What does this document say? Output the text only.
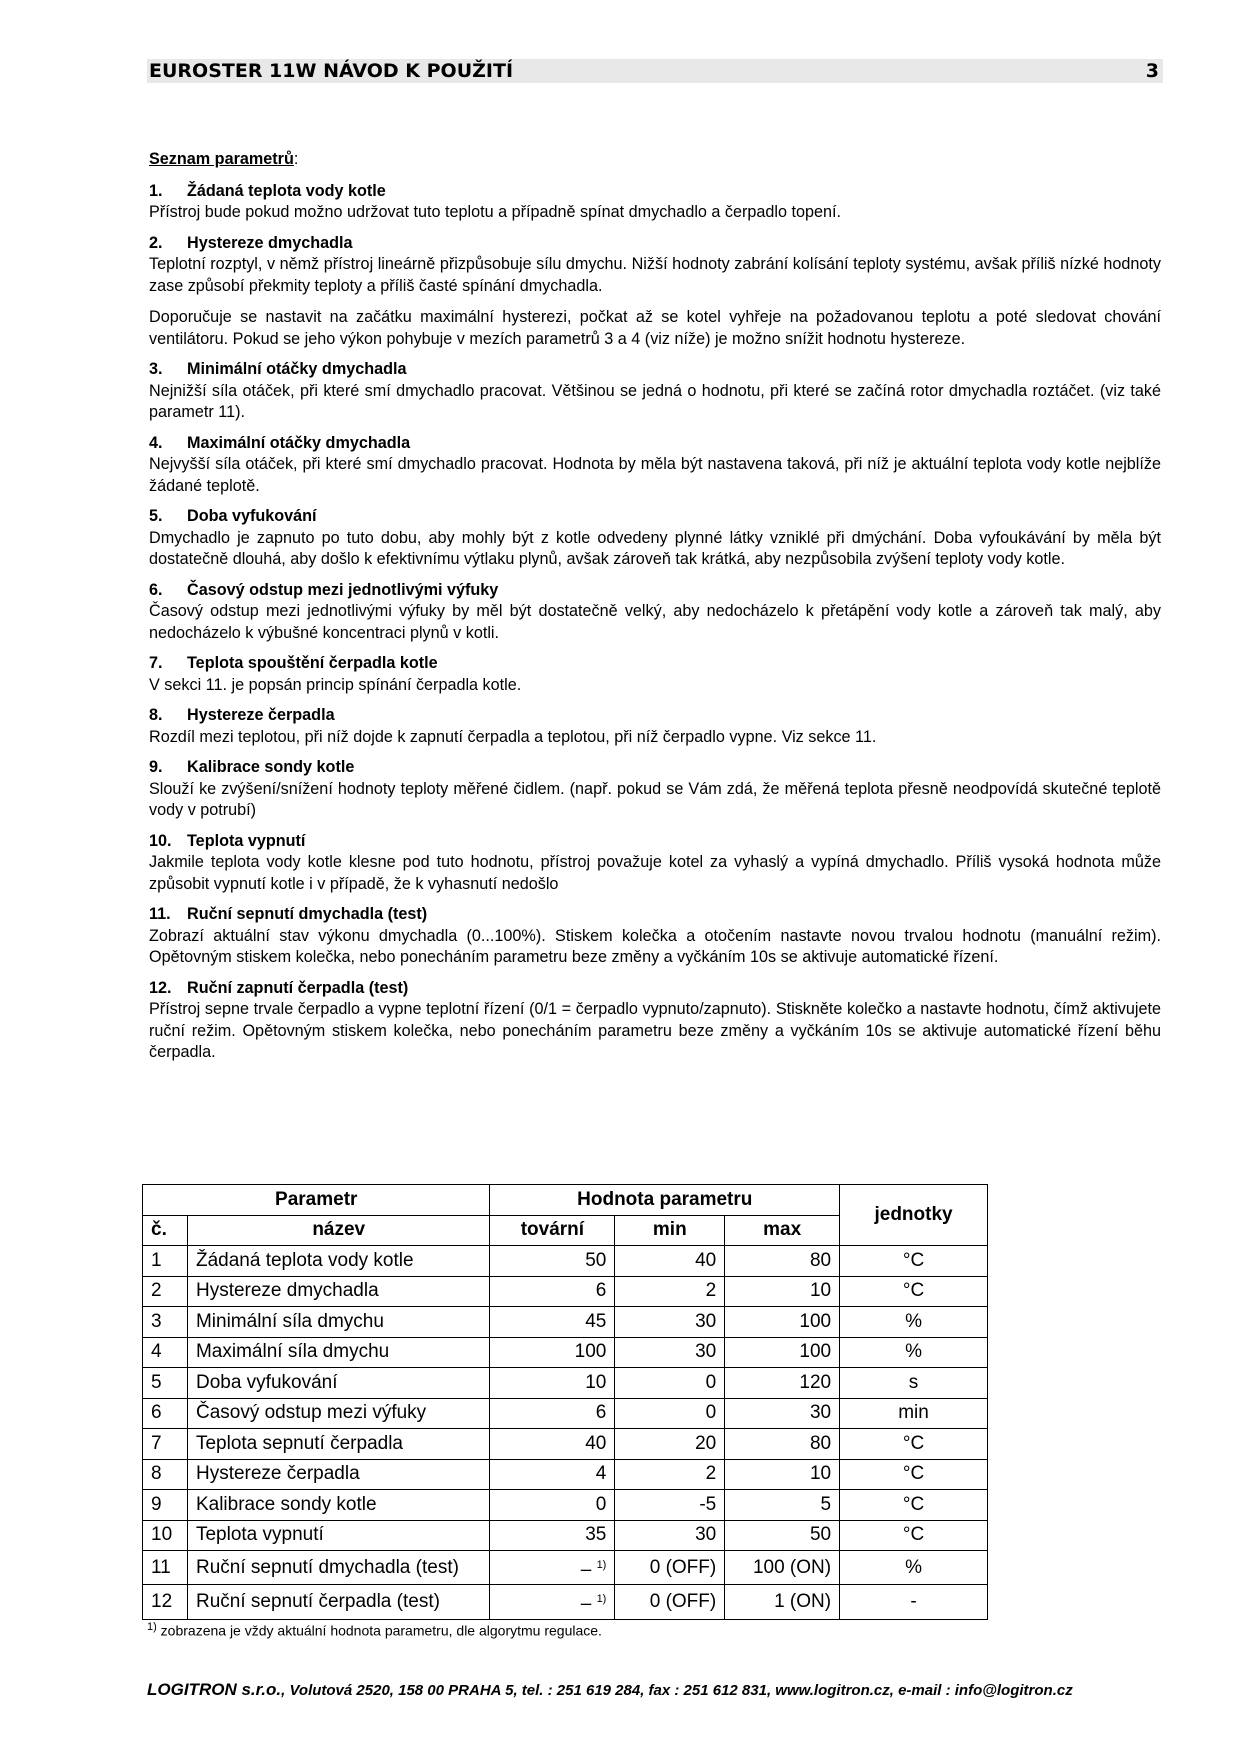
EUROSTER 11W NÁVOD K POUŽITÍ	3
Seznam parametrů:
1. Žádaná teplota vody kotle
Přístroj bude pokud možno udržovat tuto teplotu a případně spínat dmychadlo a čerpadlo topení.
2. Hystereze dmychadla
Teplotní rozptyl, v němž přístroj lineárně přizpůsobuje sílu dmychu. Nižší hodnoty zabrání kolísání teploty systému, avšak příliš nízké hodnoty zase způsobí překmity teploty a příliš časté spínání dmychadla.
Doporučuje se nastavit na začátku maximální hysterezi, počkat až se kotel vyhřeje na požadovanou teplotu a poté sledovat chování ventilátoru. Pokud se jeho výkon pohybuje v mezích parametrů 3 a 4 (viz níže) je možno snížit hodnotu hystereze.
3. Minimální otáčky dmychadla
Nejnižší síla otáček, při které smí dmychadlo pracovat. Většinou se jedná o hodnotu, při které se začíná rotor dmychadla roztáčet. (viz také parametr 11).
4. Maximální otáčky dmychadla
Nejvyšší síla otáček, při které smí dmychadlo pracovat. Hodnota by měla být nastavena taková, při níž je aktuální teplota vody kotle nejblíže žádané teplotě.
5. Doba vyfukování
Dmychadlo je zapnuto po tuto dobu, aby mohly být z kotle odvedeny plynné látky vzniklé při dmýchání. Doba vyfoukávání by měla být dostatečně dlouhá, aby došlo k efektivnímu výtlaku plynů, avšak zároveň tak krátká, aby nezpůsobila zvýšení teploty vody kotle.
6. Časový odstup mezi jednotlivými výfuky
Časový odstup mezi jednotlivými výfuky by měl být dostatečně velký, aby nedocházelo k přetápění vody kotle a zároveň tak malý, aby nedocházelo k výbušné koncentraci plynů v kotli.
7. Teplota spouštění čerpadla kotle
V sekci 11. je popsán princip spínání čerpadla kotle.
8. Hystereze čerpadla
Rozdíl mezi teplotou, při níž dojde k zapnutí čerpadla a teplotou, při níž čerpadlo vypne. Viz sekce 11.
9. Kalibrace sondy kotle
Slouží ke zvýšení/snížení hodnoty teploty měřené čidlem. (např. pokud se Vám zdá, že měřená teplota přesně neodpovídá skutečné teplotě vody v potrubí)
10. Teplota vypnutí
Jakmile teplota vody kotle klesne pod tuto hodnotu, přístroj považuje kotel za vyhaslý a vypíná dmychadlo. Příliš vysoká hodnota může způsobit vypnutí kotle i v případě, že k vyhasnutí nedošlo
11. Ruční sepnutí dmychadla (test)
Zobrazí aktuální stav výkonu dmychadla (0...100%). Stiskem kolečka a otočením nastavte novou trvalou hodnotu (manuální režim). Opětovným stiskem kolečka, nebo ponecháním parametru beze změny a vyčkáním 10s se aktivuje automatické řízení.
12. Ruční zapnutí čerpadla (test)
Přístroj sepne trvale čerpadlo a vypne teplotní řízení (0/1 = čerpadlo vypnuto/zapnuto). Stiskněte kolečko a nastavte hodnotu, čímž aktivujete ruční režim. Opětovným stiskem kolečka, nebo ponecháním parametru beze změny a vyčkáním 10s se aktivuje automatické řízení běhu čerpadla.
Parametr		Hodnota parametru			jednotky
č.	název	tovární	min	max	
1	Žádaná teplota vody kotle	50	40	80	°C
2	Hystereze dmychadla	6	2	10	°C
3	Minimální síla dmychu	45	30	100	%
4	Maximální síla dmychu	100	30	100	%
5	Doba vyfukování	10	0	120	s
6	Časový odstup mezi výfuky	6	0	30	min
7	Teplota sepnutí čerpadla	40	20	80	°C
8	Hystereze čerpadla	4	2	10	°C
9	Kalibrace sondy kotle	0	-5	5	°C
10	Teplota vypnutí	35	30	50	°C
11	Ruční sepnutí dmychadla (test)	– $^{1)}$	0 (OFF)	100 (ON)	%
12	Ruční sepnutí čerpadla (test)	– $^{1)}$	0 (OFF)	1 (ON)	-
$^{1)}$ zobrazena je vždy aktuální hodnota parametru, dle algorytmu regulace.
LOGITRON s.r.o., Volutová 2520, 158 00 PRAHA 5, tel. : 251 619 284, fax : 251 612 831, www.logitron.cz, e-mail : info@logitron.cz
